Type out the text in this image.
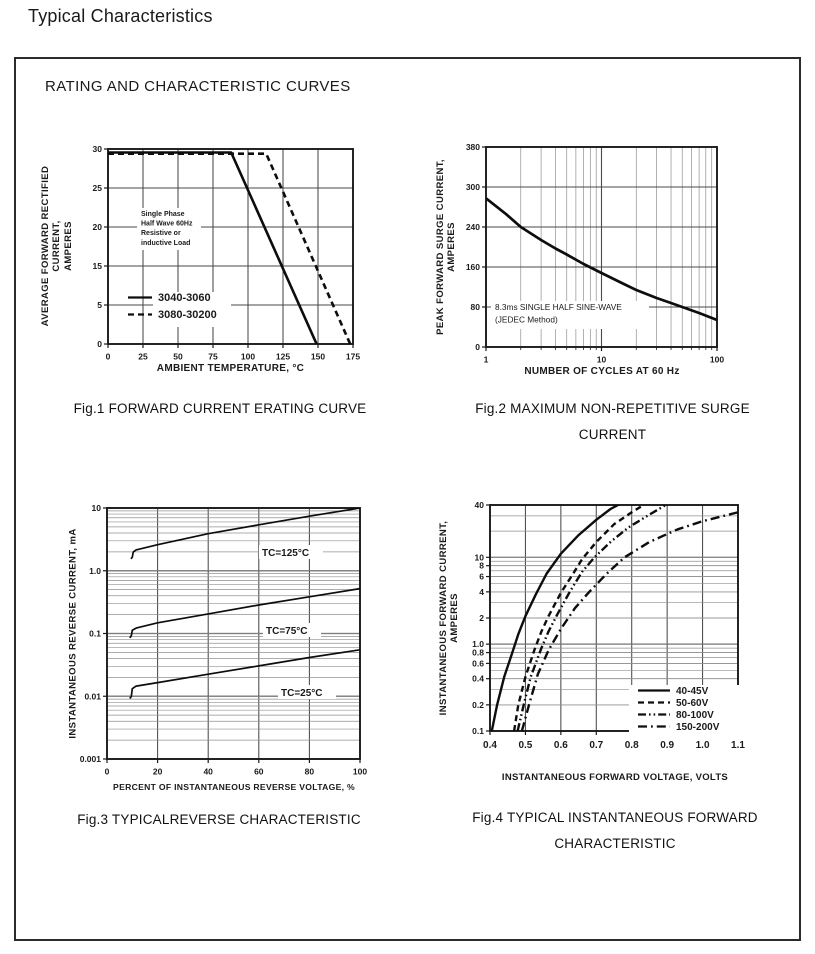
Typical Characteristics
RATING AND CHARACTERISTIC CURVES
0
5
15
20
25
30
0	25	50	75	100 125 150 175
Single Phase
Half Wave 60Hz
Resistive or
inductive Load
3040-3060
3080-30200
0
80
160
240
300
380
1	10	100
8.3ms SINGLE HALF SINE-WAVE
(JEDEC Method)
10
1.0
0.1
0.01
0.001
0	20	40	60	80	100
TC=125°C
TC=75°C
TC=25°C
40
10
8
6
4
2
1.0
0.8
0.6
0.4
0.2
0.1
0.4 0.5 0.6 0.7 0.8 0.9 1.0 1.1
40-45V
50-60V
80-100V
150-200V
AVERAGE FORWARD RECTIFIED CURRENT, AMPERES
AMBIENT TEMPERATURE, °C
Fig.1 FORWARD CURRENT ERATING CURVE
PEAK FORWARD SURGE CURRENT, AMPERES
NUMBER OF CYCLES AT 60 Hz
Fig.2 MAXIMUM NON-REPETITIVE SURGE
CURRENT
INSTANTANEOUS REVERSE CURRENT, mA
PERCENT OF INSTANTANEOUS REVERSE VOLTAGE, %
Fig.3 TYPICALREVERSE CHARACTERISTIC
INSTANTANEOUS FORWARD CURRENT, AMPERES
INSTANTANEOUS FORWARD VOLTAGE, VOLTS
Fig.4 TYPICAL INSTANTANEOUS FORWARD
CHARACTERISTIC
